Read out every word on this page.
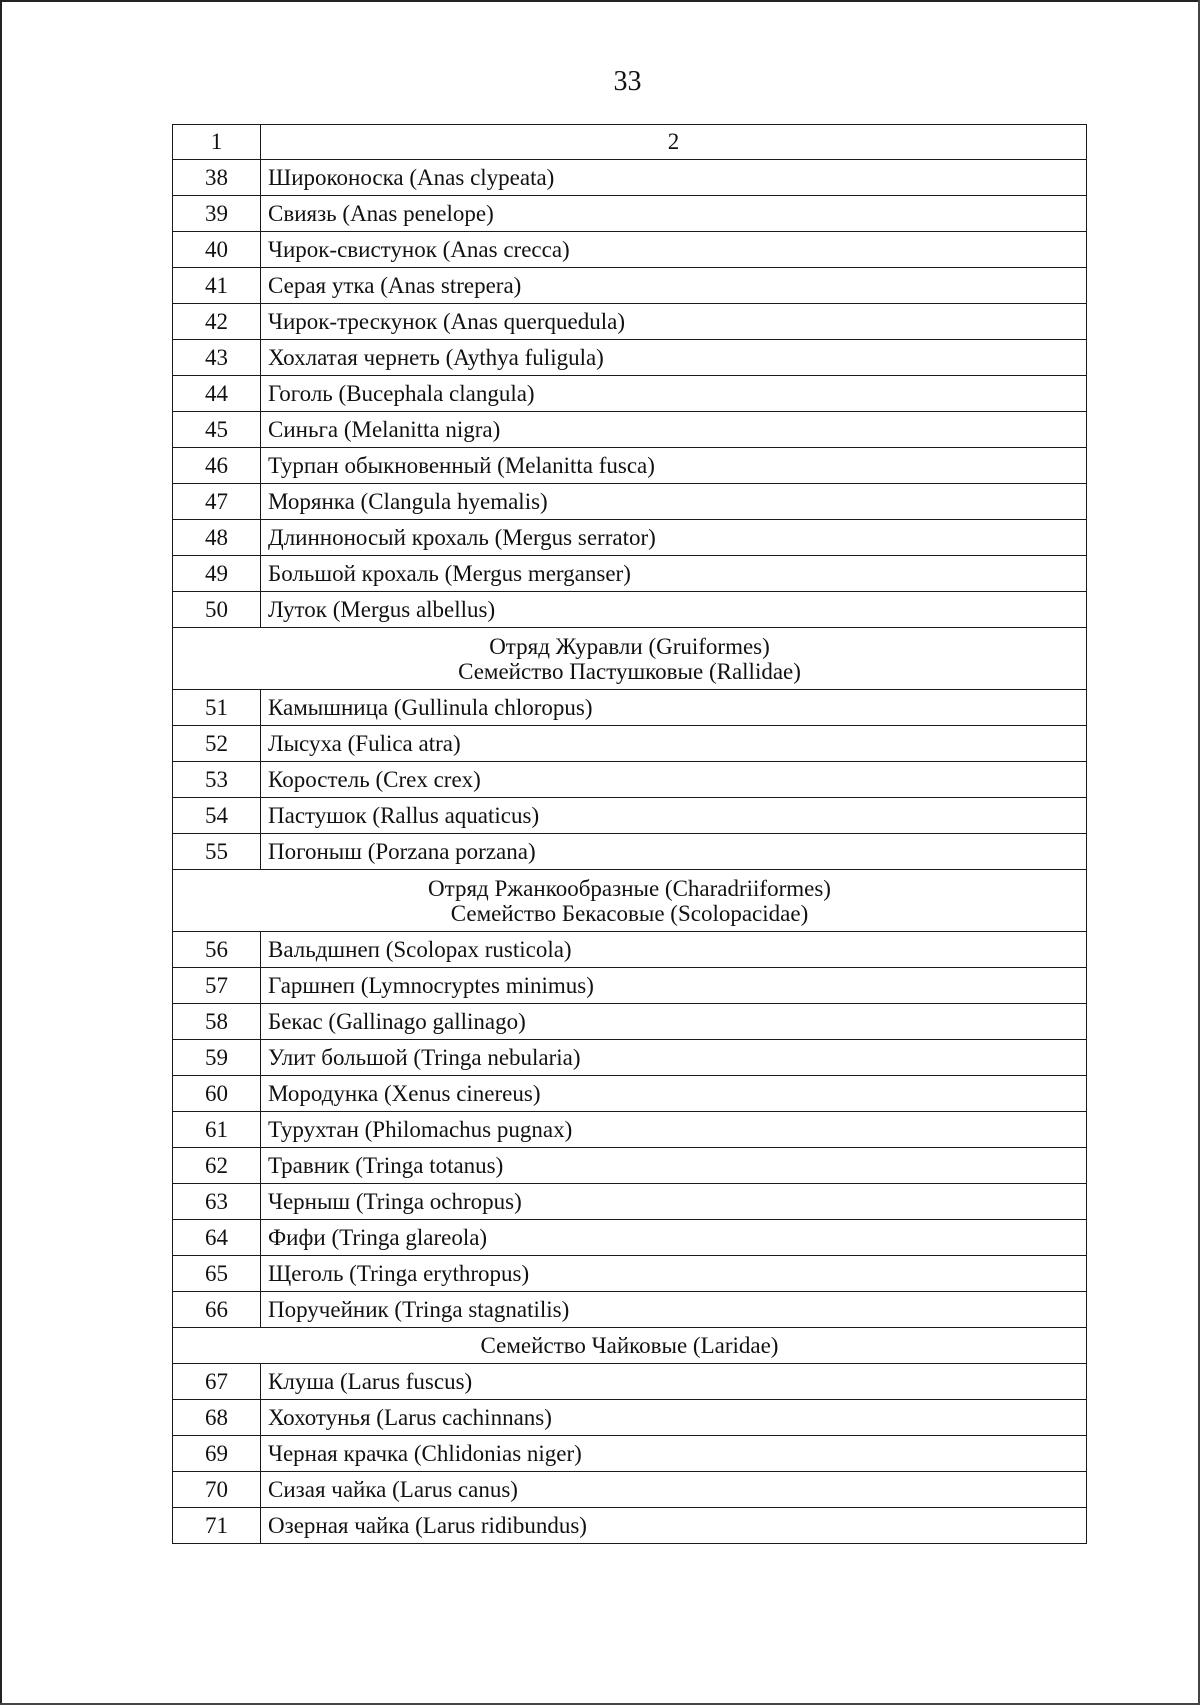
33
1	2
38	Широконоска (Anas clypeata)
39	Свиязь (Anas penelope)
40	Чирок-свистунок (Anas crecca)
41	Серая утка (Anas strepera)
42	Чирок-трескунок (Anas querquedula)
43	Хохлатая чернеть (Aythya fuligula)
44	Гоголь (Bucephala clangula)
45	Синьга (Melanitta nigra)
46	Турпан обыкновенный (Melanitta fusca)
47	Морянка (Clangula hyemalis)
48	Длинноносый крохаль (Mergus serrator)
49	Большой крохаль (Mergus merganser)
50	Луток (Mergus albellus)

Отряд Журавли (Gruiformes)
Семейство Пастушковые (Rallidae)	

51	Камышница (Gullinula chloropus)
52	Лысуха (Fulica atra)
53	Коростель (Crex crex)
54	Пастушок (Rallus aquaticus)
55	Погоныш (Porzana porzana)

Отряд Ржанкообразные (Charadriiformes)
Семейство Бекасовые (Scolopacidae)	

56	Вальдшнеп (Scolopax rusticola)
57	Гаршнеп (Lymnocryptes minimus)
58	Бекас (Gallinago gallinago)
59	Улит большой (Tringa nebularia)
60	Мородунка (Xenus cinereus)
61	Турухтан (Philomachus pugnax)
62	Травник (Tringa totanus)
63	Черныш (Tringa ochropus)
64	Фифи (Tringa glareola)
65	Щеголь (Tringa erythropus)
66	Поручейник (Tringa stagnatilis)

Семейство Чайковые (Laridae)	

67	Клуша (Larus fuscus)
68	Хохотунья (Larus cachinnans)
69	Черная крачка (Chlidonias niger)
70	Сизая чайка (Larus canus)
71	Озерная чайка (Larus ridibundus)
